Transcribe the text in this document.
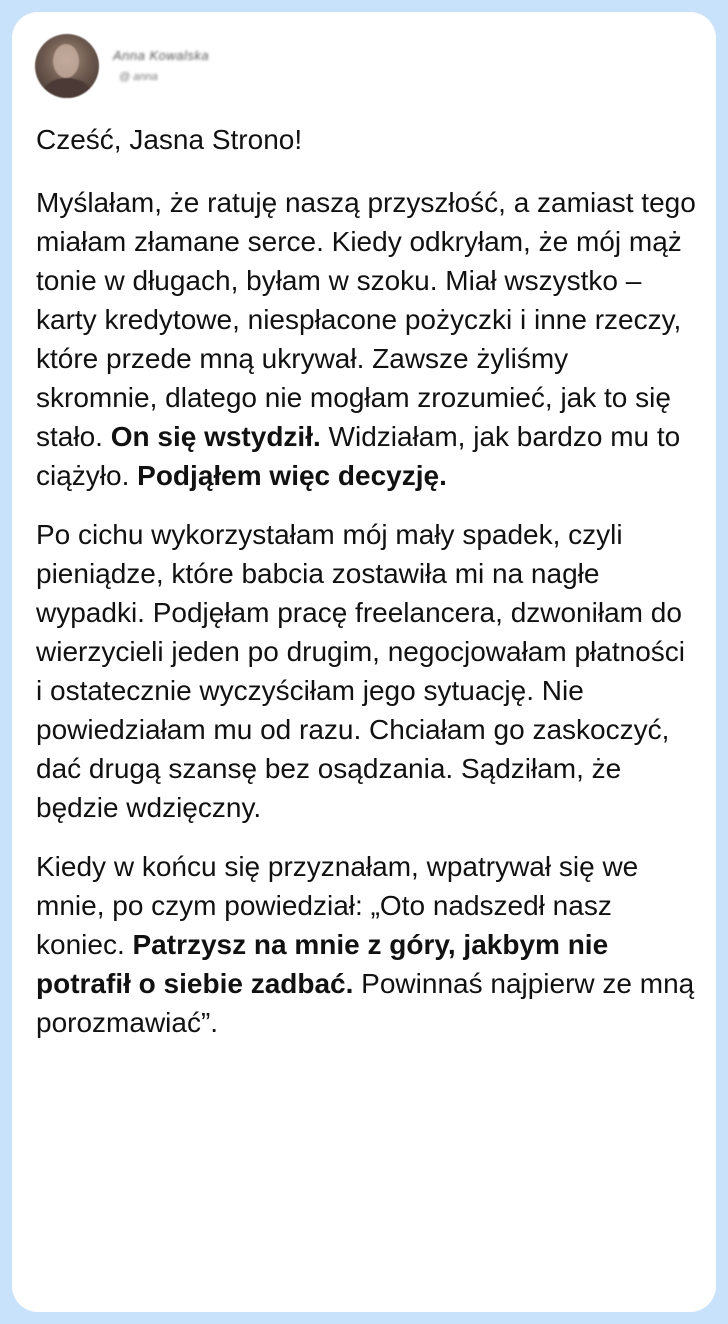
Anna Kowalska
@ anna

Cześć, Jasna Strono!

Myślałam, że ratuję naszą przyszłość, a zamiast tego miałam złamane serce. Kiedy odkryłam, że mój mąż tonie w długach, byłam w szoku. Miał wszystko – karty kredytowe, niespłacone pożyczki i inne rzeczy, które przede mną ukrywał. Zawsze żyliśmy skromnie, dlatego nie mogłam zrozumieć, jak to się stało. On się wstydził. Widziałam, jak bardzo mu to ciążyło. Podjąłem więc decyzję.

Po cichu wykorzystałam mój mały spadek, czyli pieniądze, które babcia zostawiła mi na nagłe wypadki. Podjęłam pracę freelancera, dzwoniłam do wierzycieli jeden po drugim, negocjowałam płatności i ostatecznie wyczyściłam jego sytuację. Nie powiedziałam mu od razu. Chciałam go zaskoczyć, dać drugą szansę bez osądzania. Sądziłam, że będzie wdzięczny.

Kiedy w końcu się przyznałam, wpatrywał się we mnie, po czym powiedział: „Oto nadszedł nasz koniec. Patrzysz na mnie z góry, jakbym nie potrafił o siebie zadbać. Powinnaś najpierw ze mną porozmawiać”.
